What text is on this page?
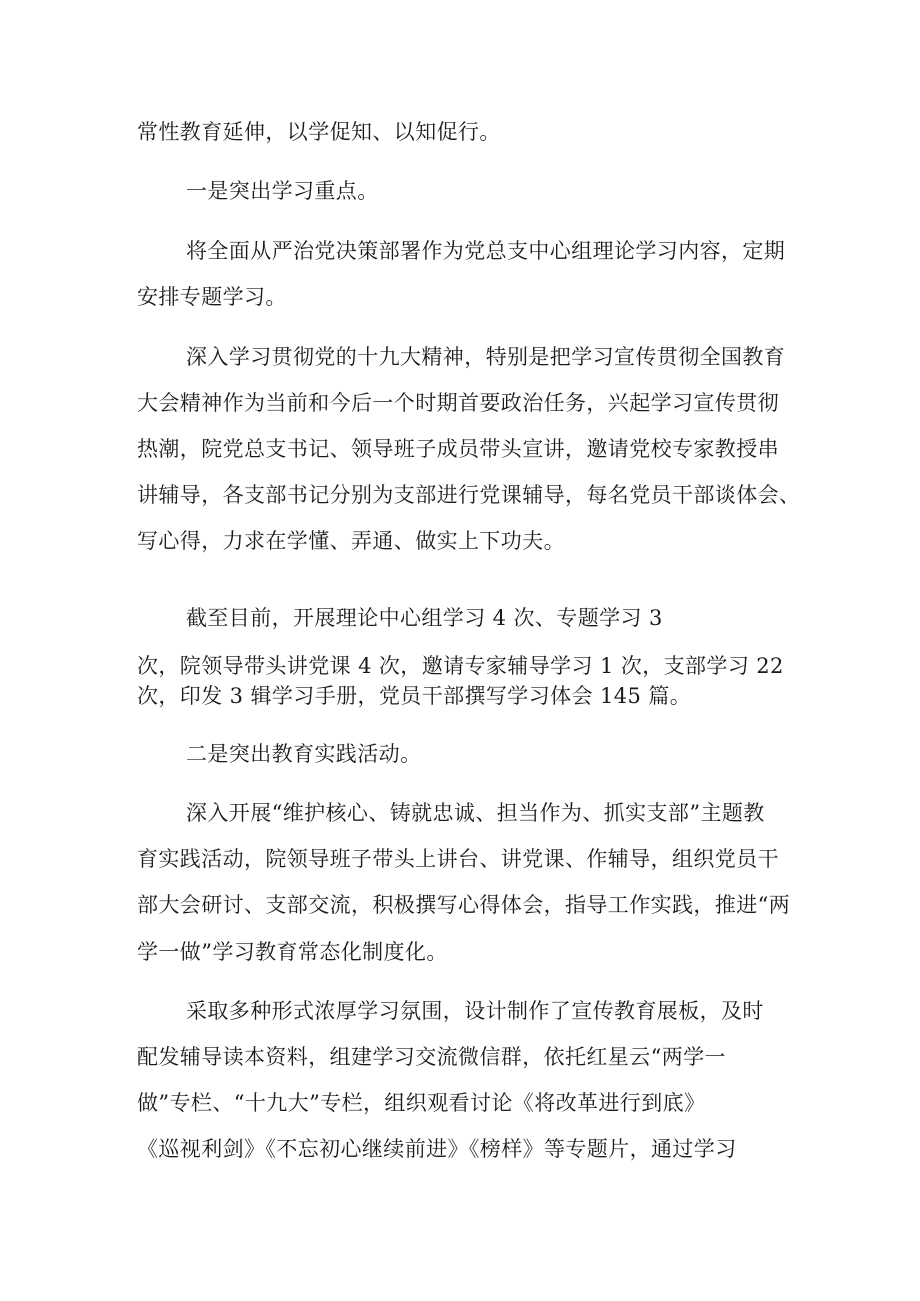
常性教育延伸，以学促知、以知促行。
一是突出学习重点。
将全面从严治党决策部署作为党总支中心组理论学习内容，定期
安排专题学习。
深入学习贯彻党的十九大精神，特别是把学习宣传贯彻全国教育
大会精神作为当前和今后一个时期首要政治任务，兴起学习宣传贯彻
热潮，院党总支书记、领导班子成员带头宣讲，邀请党校专家教授串
讲辅导，各支部书记分别为支部进行党课辅导，每名党员干部谈体会、
写心得，力求在学懂、弄通、做实上下功夫。
截至目前，开展理论中心组学习 4 次、专题学习 3
次，院领导带头讲党课 4 次，邀请专家辅导学习 1 次，支部学习 22
次，印发 3 辑学习手册，党员干部撰写学习体会 145 篇。
二是突出教育实践活动。
深入开展“维护核心、铸就忠诚、担当作为、抓实支部”主题教
育实践活动，院领导班子带头上讲台、讲党课、作辅导，组织党员干
部大会研讨、支部交流，积极撰写心得体会，指导工作实践，推进“两
学一做”学习教育常态化制度化。
采取多种形式浓厚学习氛围，设计制作了宣传教育展板，及时
配发辅导读本资料，组建学习交流微信群，依托红星云“两学一
做”专栏、“十九大”专栏，组织观看讨论《将改革进行到底》
《巡视利剑》《不忘初心继续前进》《榜样》等专题片，通过学习
